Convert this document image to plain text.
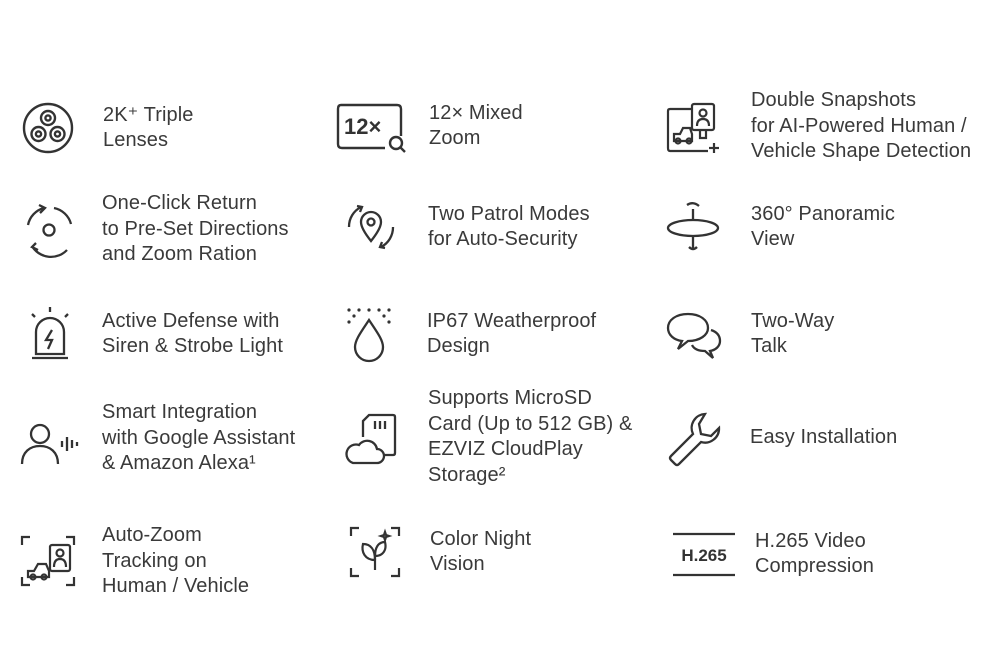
2K⁺ Triple
Lenses
12×
12× Mixed
Zoom
Double Snapshots
for AI-Powered Human /
Vehicle Shape Detection
One-Click Return
to Pre-Set Directions
and Zoom Ration
Two Patrol Modes
for Auto-Security
360° Panoramic
View
Active Defense with
Siren & Strobe Light
IP67 Weatherproof
Design
Two-Way
Talk
Smart Integration
with Google Assistant
& Amazon Alexa¹
Supports MicroSD
Card (Up to 512 GB) &
EZVIZ CloudPlay
Storage²
Easy Installation
Auto-Zoom
Tracking on
Human / Vehicle
Color Night
Vision	H.265
H.265 Video
Compression
